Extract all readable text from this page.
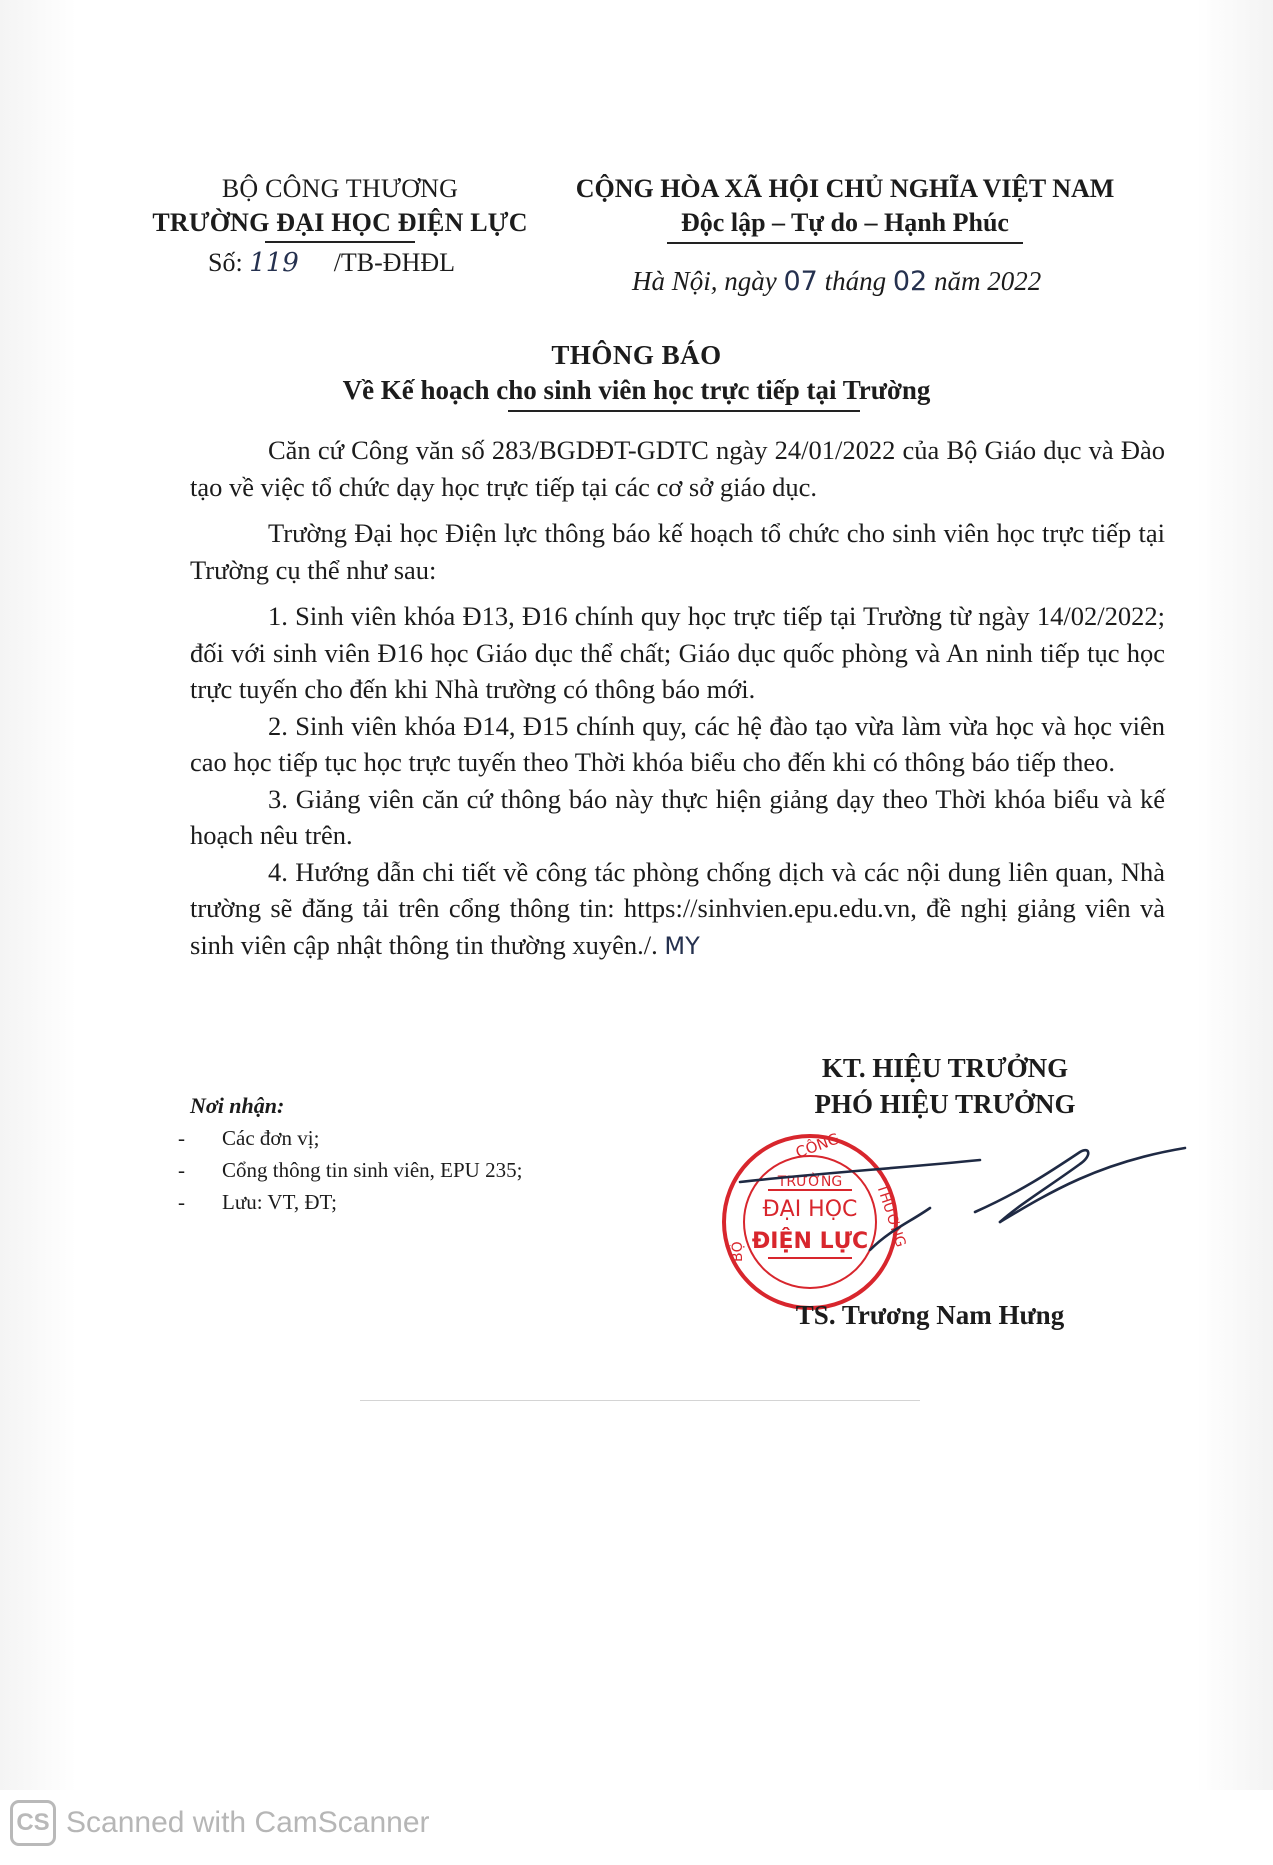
BỘ CÔNG THƯƠNG
TRƯỜNG ĐẠI HỌC ĐIỆN LỰC
Số: 119 /TB-ĐHĐL
CỘNG HÒA XÃ HỘI CHỦ NGHĨA VIỆT NAM
Độc lập – Tự do – Hạnh Phúc
Hà Nội, ngày 07 tháng 02 năm 2022
THÔNG BÁO
Về Kế hoạch cho sinh viên học trực tiếp tại Trường

Căn cứ Công văn số 283/BGDĐT-GDTC ngày 24/01/2022 của Bộ Giáo dục và Đào tạo về việc tổ chức dạy học trực tiếp tại các cơ sở giáo dục.

Trường Đại học Điện lực thông báo kế hoạch tổ chức cho sinh viên học trực tiếp tại Trường cụ thể như sau:

1. Sinh viên khóa Đ13, Đ16 chính quy học trực tiếp tại Trường từ ngày 14/02/2022; đối với sinh viên Đ16 học Giáo dục thể chất; Giáo dục quốc phòng và An ninh tiếp tục học trực tuyến cho đến khi Nhà trường có thông báo mới.

2. Sinh viên khóa Đ14, Đ15 chính quy, các hệ đào tạo vừa làm vừa học và học viên cao học tiếp tục học trực tuyến theo Thời khóa biểu cho đến khi có thông báo tiếp theo.

3. Giảng viên căn cứ thông báo này thực hiện giảng dạy theo Thời khóa biểu và kế hoạch nêu trên.

4. Hướng dẫn chi tiết về công tác phòng chống dịch và các nội dung liên quan, Nhà trường sẽ đăng tải trên cổng thông tin: https://sinhvien.epu.edu.vn, đề nghị giảng viên và sinh viên cập nhật thông tin thường xuyên./. MY

KT. HIỆU TRƯỞNG
PHÓ HIỆU TRƯỞNG
CÔNG
THƯƠNG
BỘ
TRƯỜNG
ĐẠI HỌC
ĐIỆN LỰC
TS. Trương Nam Hưng
Nơi nhận:
- Các đơn vị;
- Cổng thông tin sinh viên, EPU 235;
- Lưu: VT, ĐT;
CS Scanned with CamScanner
